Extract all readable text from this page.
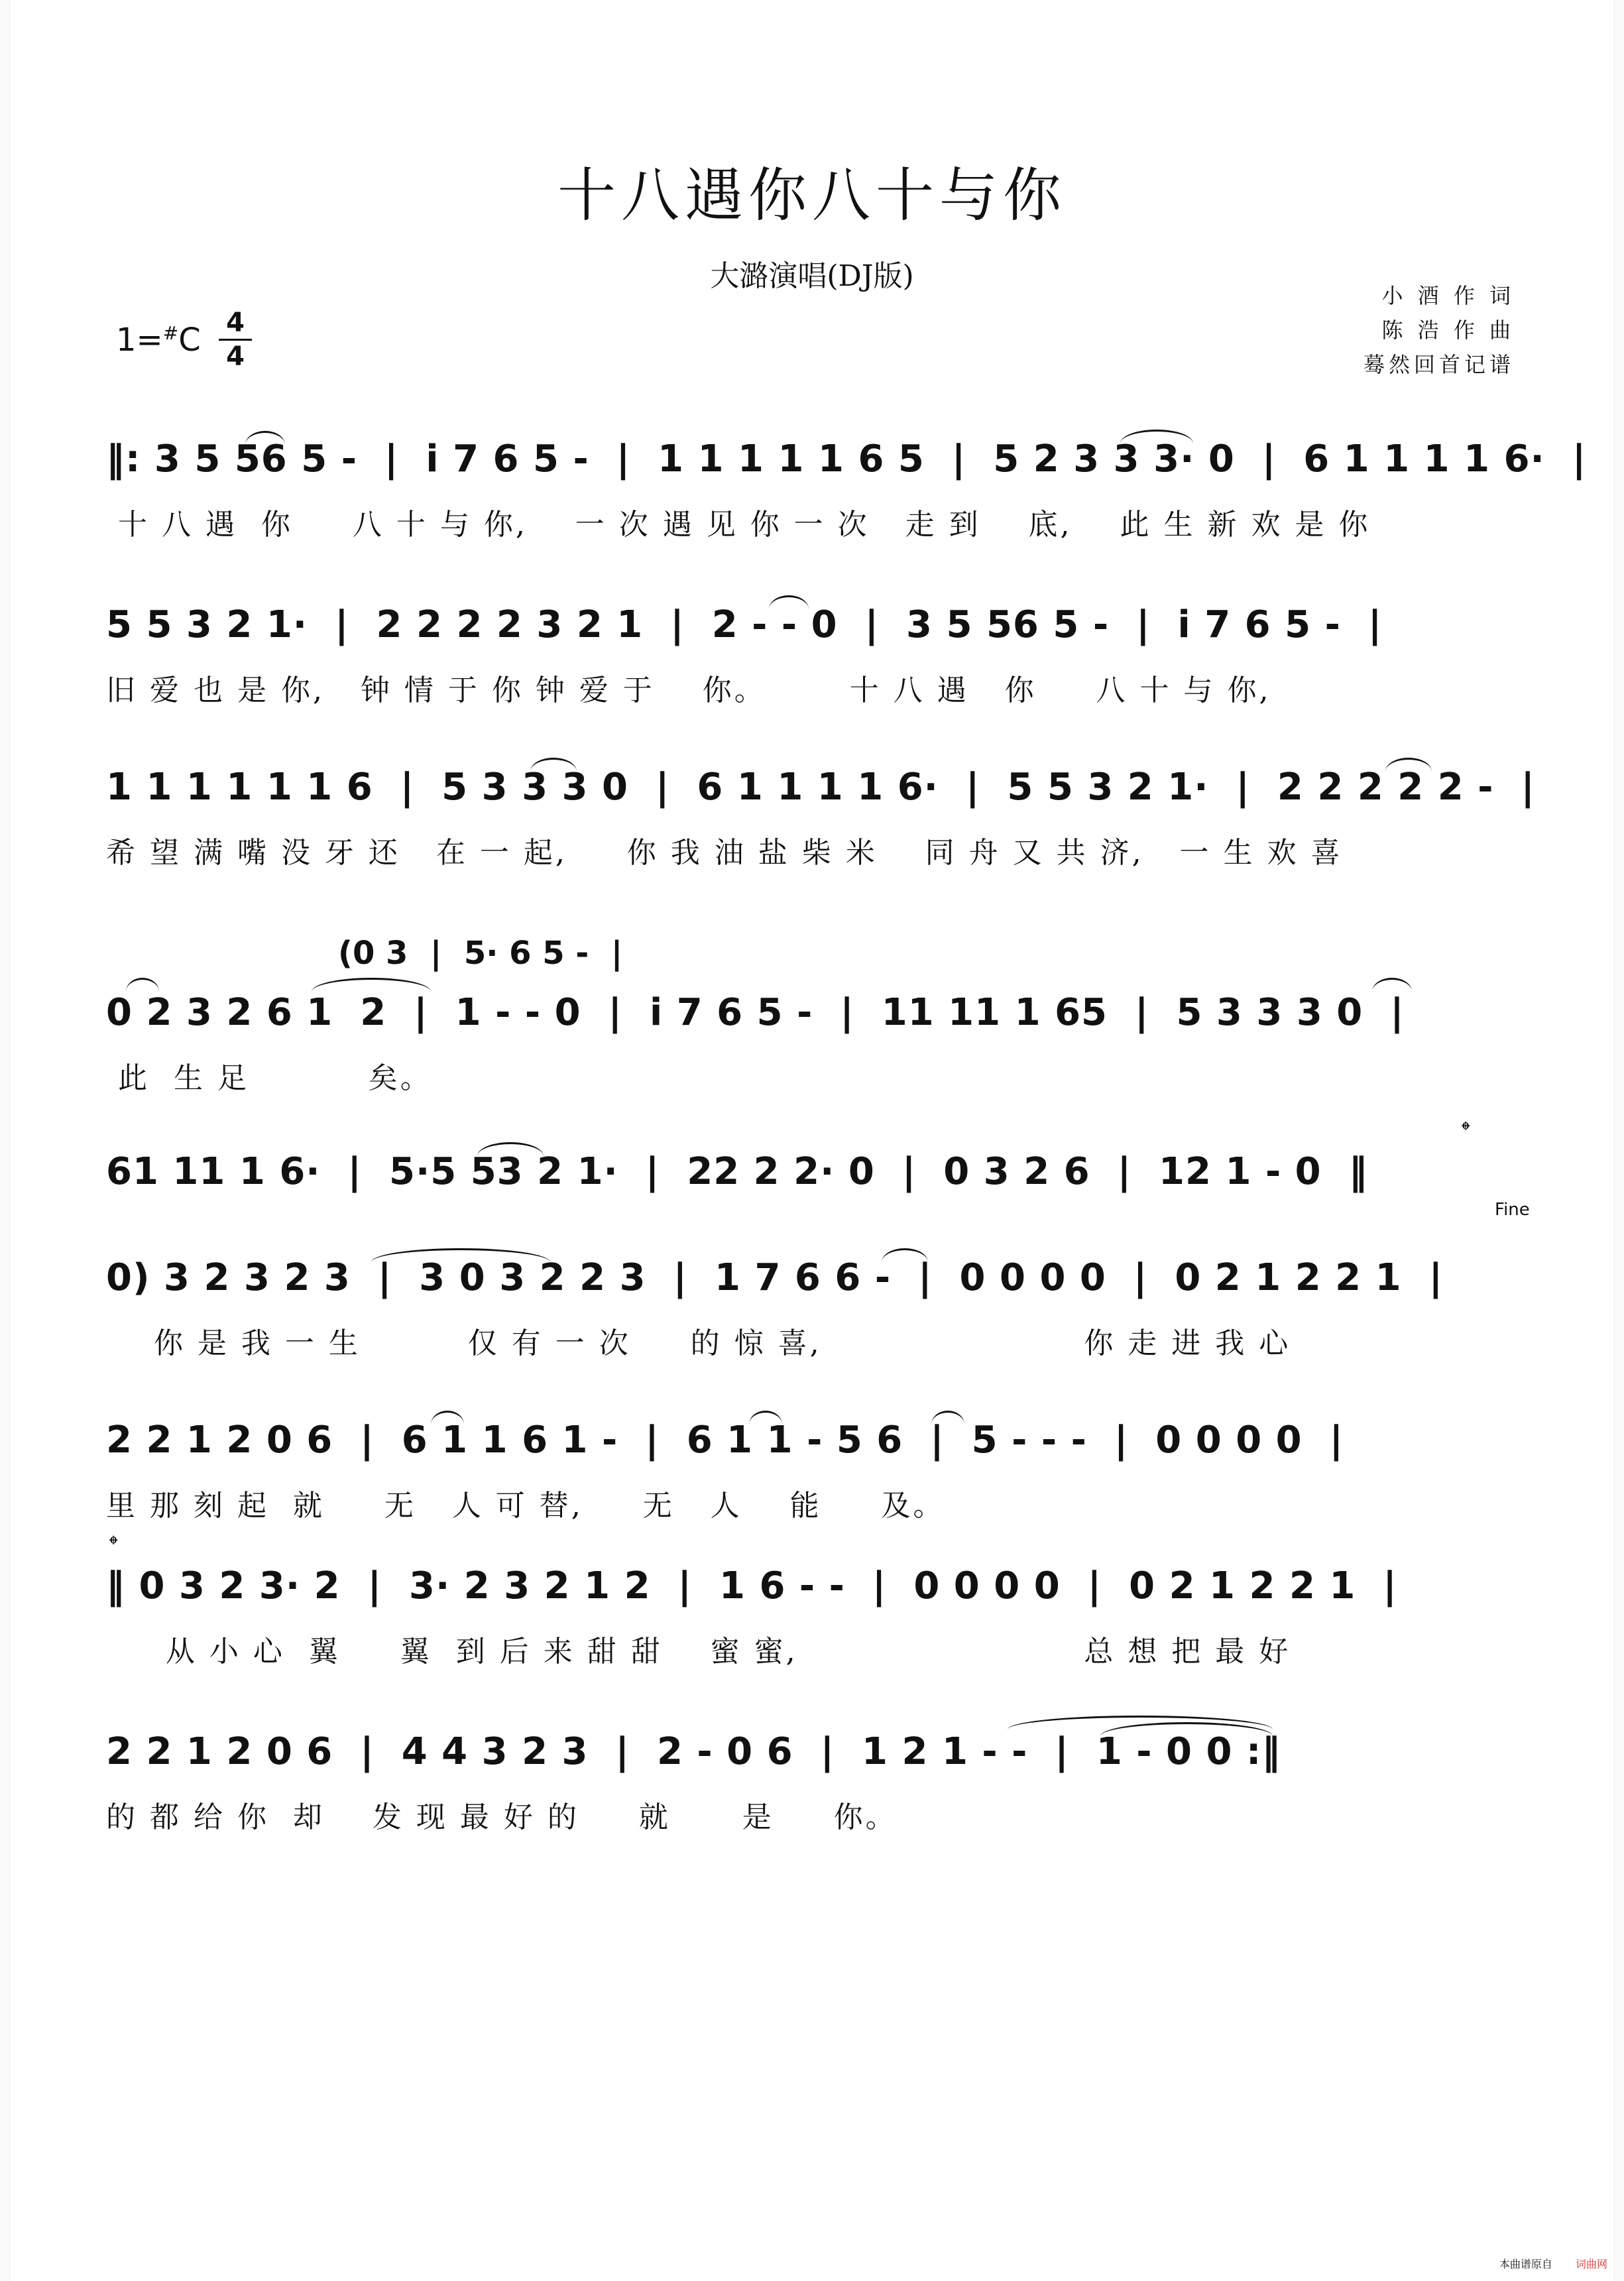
十八遇你八十与你
大潞演唱(DJ版)
小 酒 作 词
陈 浩 作 曲
蓦然回首记谱
1=#C 4
4
‖: 3 5 56 5 -  |  i 7 6 5 -  |  1 1 1 1 1 6 5  |  5 2 3 3 3· 0  |  6 1 1 1 1 6·  |
十 八 遇  你     八 十 与 你,    一 次 遇 见 你 一 次   走 到    底,    此 生 新 欢 是 你
5 5 3 2 1·  |  2 2 2 2 3 2 1  |  2 - - 0  |  3 5 56 5 -  |  i 7 6 5 -  |
旧 爱 也 是 你,   钟 情 于 你 钟 爱 于    你。       十 八 遇   你     八 十 与 你,
1 1 1 1 1 1 6  |  5 3 3 3 0  |  6 1 1 1 1 6·  |  5 5 3 2 1·  |  2 2 2 2 2 -  |
希 望 满 嘴 没 牙 还   在 一 起,     你 我 油 盐 柴 米    同 舟 又 共 济,   一 生 欢 喜
(0 3  |  5· 6 5 -  |
0 2 3 2 6 1  2  |  1 - - 0  |  i 7 6 5 -  |  11 11 1 65  |  5 3 3 3 0  |
此  生 足          矣。
𝄌
61 11 1 6·  |  5·5 53 2 1·  |  22 2 2· 0  |  0 3 2 6  |  12 1 - 0  ‖
Fine
0) 3 2 3 2 3  |  3 0 3 2 2 3  |  1 7 6 6 -  |  0 0 0 0  |  0 2 1 2 2 1  |
你 是 我 一 生         仅 有 一 次     的 惊 喜,                      你 走 进 我 心
2 2 1 2 0 6  |  6 1 1 6 1 -  |  6 1 1 - 5 6  |  5 - - -  |  0 0 0 0  |
里 那 刻 起  就     无   人 可 替,     无   人    能     及。
𝄌
‖ 0 3 2 3· 2  |  3· 2 3 2 1 2  |  1 6 - -  |  0 0 0 0  |  0 2 1 2 2 1  |
从 小 心  翼     翼  到 后 来 甜 甜    蜜 蜜,                        总 想 把 最 好
2 2 1 2 0 6  |  4 4 3 2 3  |  2 - 0 6  |  1 2 1 - -  |  1 - 0 0 :‖
的 都 给 你  却    发 现 最 好 的     就      是     你。
本曲谱原自 词曲网
